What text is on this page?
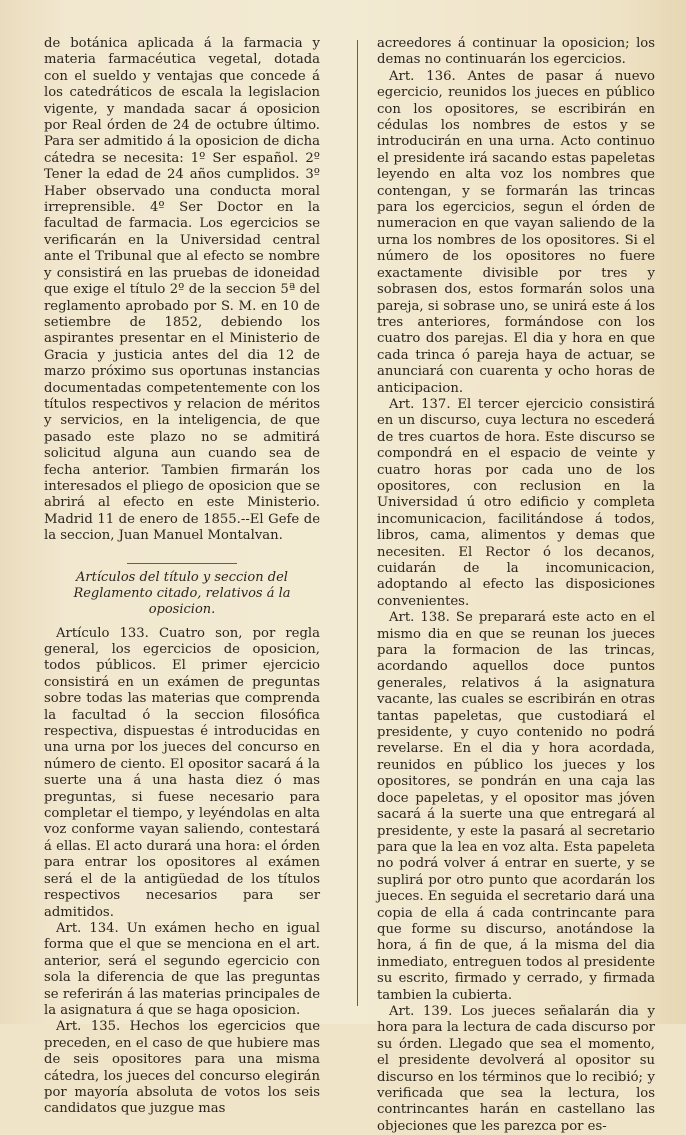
de botánica aplicada á la farmacia y materia farmacéutica vegetal, dotada con el sueldo y ventajas que concede á los catedráticos de escala la legislacion vigente, y mandada sacar á oposicion por Real órden de 24 de octubre último. Para ser admitido á la oposicion de dicha cátedra se necesita: 1º Ser español. 2º Tener la edad de 24 años cumplidos. 3º Haber observado una conducta moral irreprensible. 4º Ser Doctor en la facultad de farmacia. Los egercicios se verificarán en la Universidad central ante el Tribunal que al efecto se nombre y consistirá en las pruebas de idoneidad que exige el título 2º de la seccion 5ª del reglamento aprobado por S. M. en 10 de setiembre de 1852, debiendo los aspirantes presentar en el Ministerio de Gracia y justicia antes del dia 12 de marzo próximo sus oportunas instancias documentadas competentemente con los títulos respectivos y relacion de méritos y servicios, en la inteligencia, de que pasado este plazo no se admitirá solicitud alguna aun cuando sea de fecha anterior. Tambien firmarán los interesados el pliego de oposicion que se abrirá al efecto en este Ministerio. Madrid 11 de enero de 1855.--El Gefe de la seccion, Juan Manuel Montalvan.

Artículos del título y seccion del Reglamento citado, relativos á la oposicion.

Artículo 133. Cuatro son, por regla general, los egercicios de oposicion, todos públicos. El primer ejercicio consistirá en un exámen de preguntas sobre todas las materias que comprenda la facultad ó la seccion filosófica respectiva, dispuestas é introducidas en una urna por los jueces del concurso en número de ciento. El opositor sacará á la suerte una á una hasta diez ó mas preguntas, si fuese necesario para completar el tiempo, y leyéndolas en alta voz conforme vayan saliendo, contestará á ellas. El acto durará una hora: el órden para entrar los opositores al exámen será el de la antigüedad de los títulos respectivos necesarios para ser admitidos.

Art. 134. Un exámen hecho en igual forma que el que se menciona en el art. anterior, será el segundo egercicio con sola la diferencia de que las preguntas se referirán á las materias principales de la asignatura á que se haga oposicion.

Art. 135. Hechos los egercicios que preceden, en el caso de que hubiere mas de seis opositores para una misma cátedra, los jueces del concurso elegirán por mayoría absoluta de votos los seis candidatos que juzgue mas

acreedores á continuar la oposicion; los demas no continuarán los egercicios.

Art. 136. Antes de pasar á nuevo egercicio, reunidos los jueces en público con los opositores, se escribirán en cédulas los nombres de estos y se introducirán en una urna. Acto continuo el presidente irá sacando estas papeletas leyendo en alta voz los nombres que contengan, y se formarán las trincas para los egercicios, segun el órden de numeracion en que vayan saliendo de la urna los nombres de los opositores. Si el número de los opositores no fuere exactamente divisible por tres y sobrasen dos, estos formarán solos una pareja, si sobrase uno, se unirá este á los tres anteriores, formándose con los cuatro dos parejas. El dia y hora en que cada trinca ó pareja haya de actuar, se anunciará con cuarenta y ocho horas de anticipacion.

Art. 137. El tercer ejercicio consistirá en un discurso, cuya lectura no escederá de tres cuartos de hora. Este discurso se compondrá en el espacio de veinte y cuatro horas por cada uno de los opositores, con reclusion en la Universidad ú otro edificio y completa incomunicacion, facilitándose á todos, libros, cama, alimentos y demas que necesiten. El Rector ó los decanos, cuidarán de la incomunicacion, adoptando al efecto las disposiciones convenientes.

Art. 138. Se preparará este acto en el mismo dia en que se reunan los jueces para la formacion de las trincas, acordando aquellos doce puntos generales, relativos á la asignatura vacante, las cuales se escribirán en otras tantas papeletas, que custodiará el presidente, y cuyo contenido no podrá revelarse. En el dia y hora acordada, reunidos en público los jueces y los opositores, se pondrán en una caja las doce papeletas, y el opositor mas jóven sacará á la suerte una que entregará al presidente, y este la pasará al secretario para que la lea en voz alta. Esta papeleta no podrá volver á entrar en suerte, y se suplirá por otro punto que acordarán los jueces. En seguida el secretario dará una copia de ella á cada contrincante para que forme su discurso, anotándose la hora, á fin de que, á la misma del dia inmediato, entreguen todos al presidente su escrito, firmado y cerrado, y firmada tambien la cubierta.

Art. 139. Los jueces señalarán dia y hora para la lectura de cada discurso por su órden. Llegado que sea el momento, el presidente devolverá al opositor su discurso en los términos que lo recibió; y verificada que sea la lectura, los contrincantes harán en castellano las objeciones que les parezca por es-
